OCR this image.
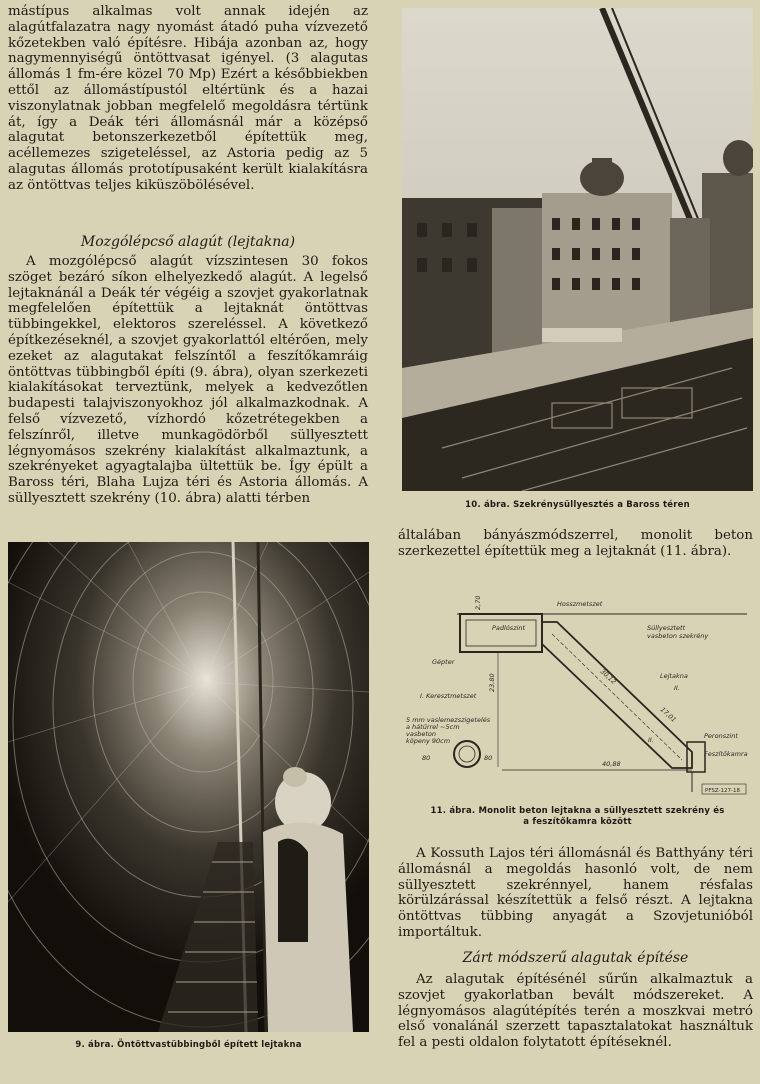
mástípus alkalmas volt annak idején az alagútfalazatra nagy nyomást átadó puha vízvezető kőzetekben való építésre. Hibája azonban az, hogy nagymennyiségű öntöttvasat igényel. (3 alagutas állomás 1 fm-ére közel 70 Mp) Ezért a későbbiekben ettől az állomástípustól eltértünk és a hazai viszonylatnak jobban megfelelő megoldásra tértünk át, így a Deák téri állomásnál már a középső alagutat betonszerkezetből építettük meg, acéllemezes szigeteléssel, az Astoria pedig az 5 alagutas állomás prototípusaként került kialakításra az öntöttvas teljes kiküszöbölésével.

Mozgólépcső alagút (lejtakna)

A mozgólépcső alagút vízszintesen 30 fokos szöget bezáró síkon elhelyezkedő alagút. A legelső lejtaknánál a Deák tér végéig a szovjet gyakorlatnak megfelelően építettük a lejtaknát öntöttvas tübbingekkel, elektoros szereléssel. A következő építkezéseknél, a szovjet gyakorlattól eltérően, mely ezeket az alagutakat felszíntől a feszítőkamráig öntöttvas tübbingből építi (9. ábra), olyan szerkezeti kialakításokat terveztünk, melyek a kedvezőtlen budapesti talajviszonyokhoz jól alkalmazkodnak. A felső vízvezető, vízhordó kőzetrétegekben a felszínről, illetve munkagödörből süllyesztett légnyomásos szekrény kialakítást alkalmaztunk, a szekrényeket agyagtalajba ültettük be. Így épült a Baross téri, Blaha Lujza téri és Astoria állomás. A süllyesztett szekrény (10. ábra) alatti térben

9. ábra. Öntöttvastübbingből épített lejtakna
10. ábra. Szekrénysüllyesztés a Baross téren

általában bányászmódszerrel, monolit beton szerkezettel építettük meg a lejtaknát (11. ábra).

Hosszmetszet
2,70
Padlószint
30,12
17,01
Süllyesztett vasbeton szekrény
Lejtakna
II.
II.	Peronszint
Feszítőkamra
Gépter
I. Keresztmetszet
23,80
5 mm vaslemezszigetelés a hátűrrel ~5cm vasbeton köpeny 90cm
80	80
40,88
PFSZ-127-18
11. ábra. Monolit beton lejtakna a süllyesztett szekrény és
a feszítőkamra között

A Kossuth Lajos téri állomásnál és Batthyány téri állomásnál a megoldás hasonló volt, de nem süllyesztett szekrénnyel, hanem résfalas körülzárással készítettük a felső részt. A lejtakna öntöttvas tübbing anyagát a Szovjetunióból importáltuk.

Zárt módszerű alagutak építése

Az alagutak építésénél sűrűn alkalmaztuk a szovjet gyakorlatban bevált módszereket. A légnyomásos alagútépítés terén a moszkvai metró első vonalánál szerzett tapasztalatokat használtuk fel a pesti oldalon folytatott építéseknél.
